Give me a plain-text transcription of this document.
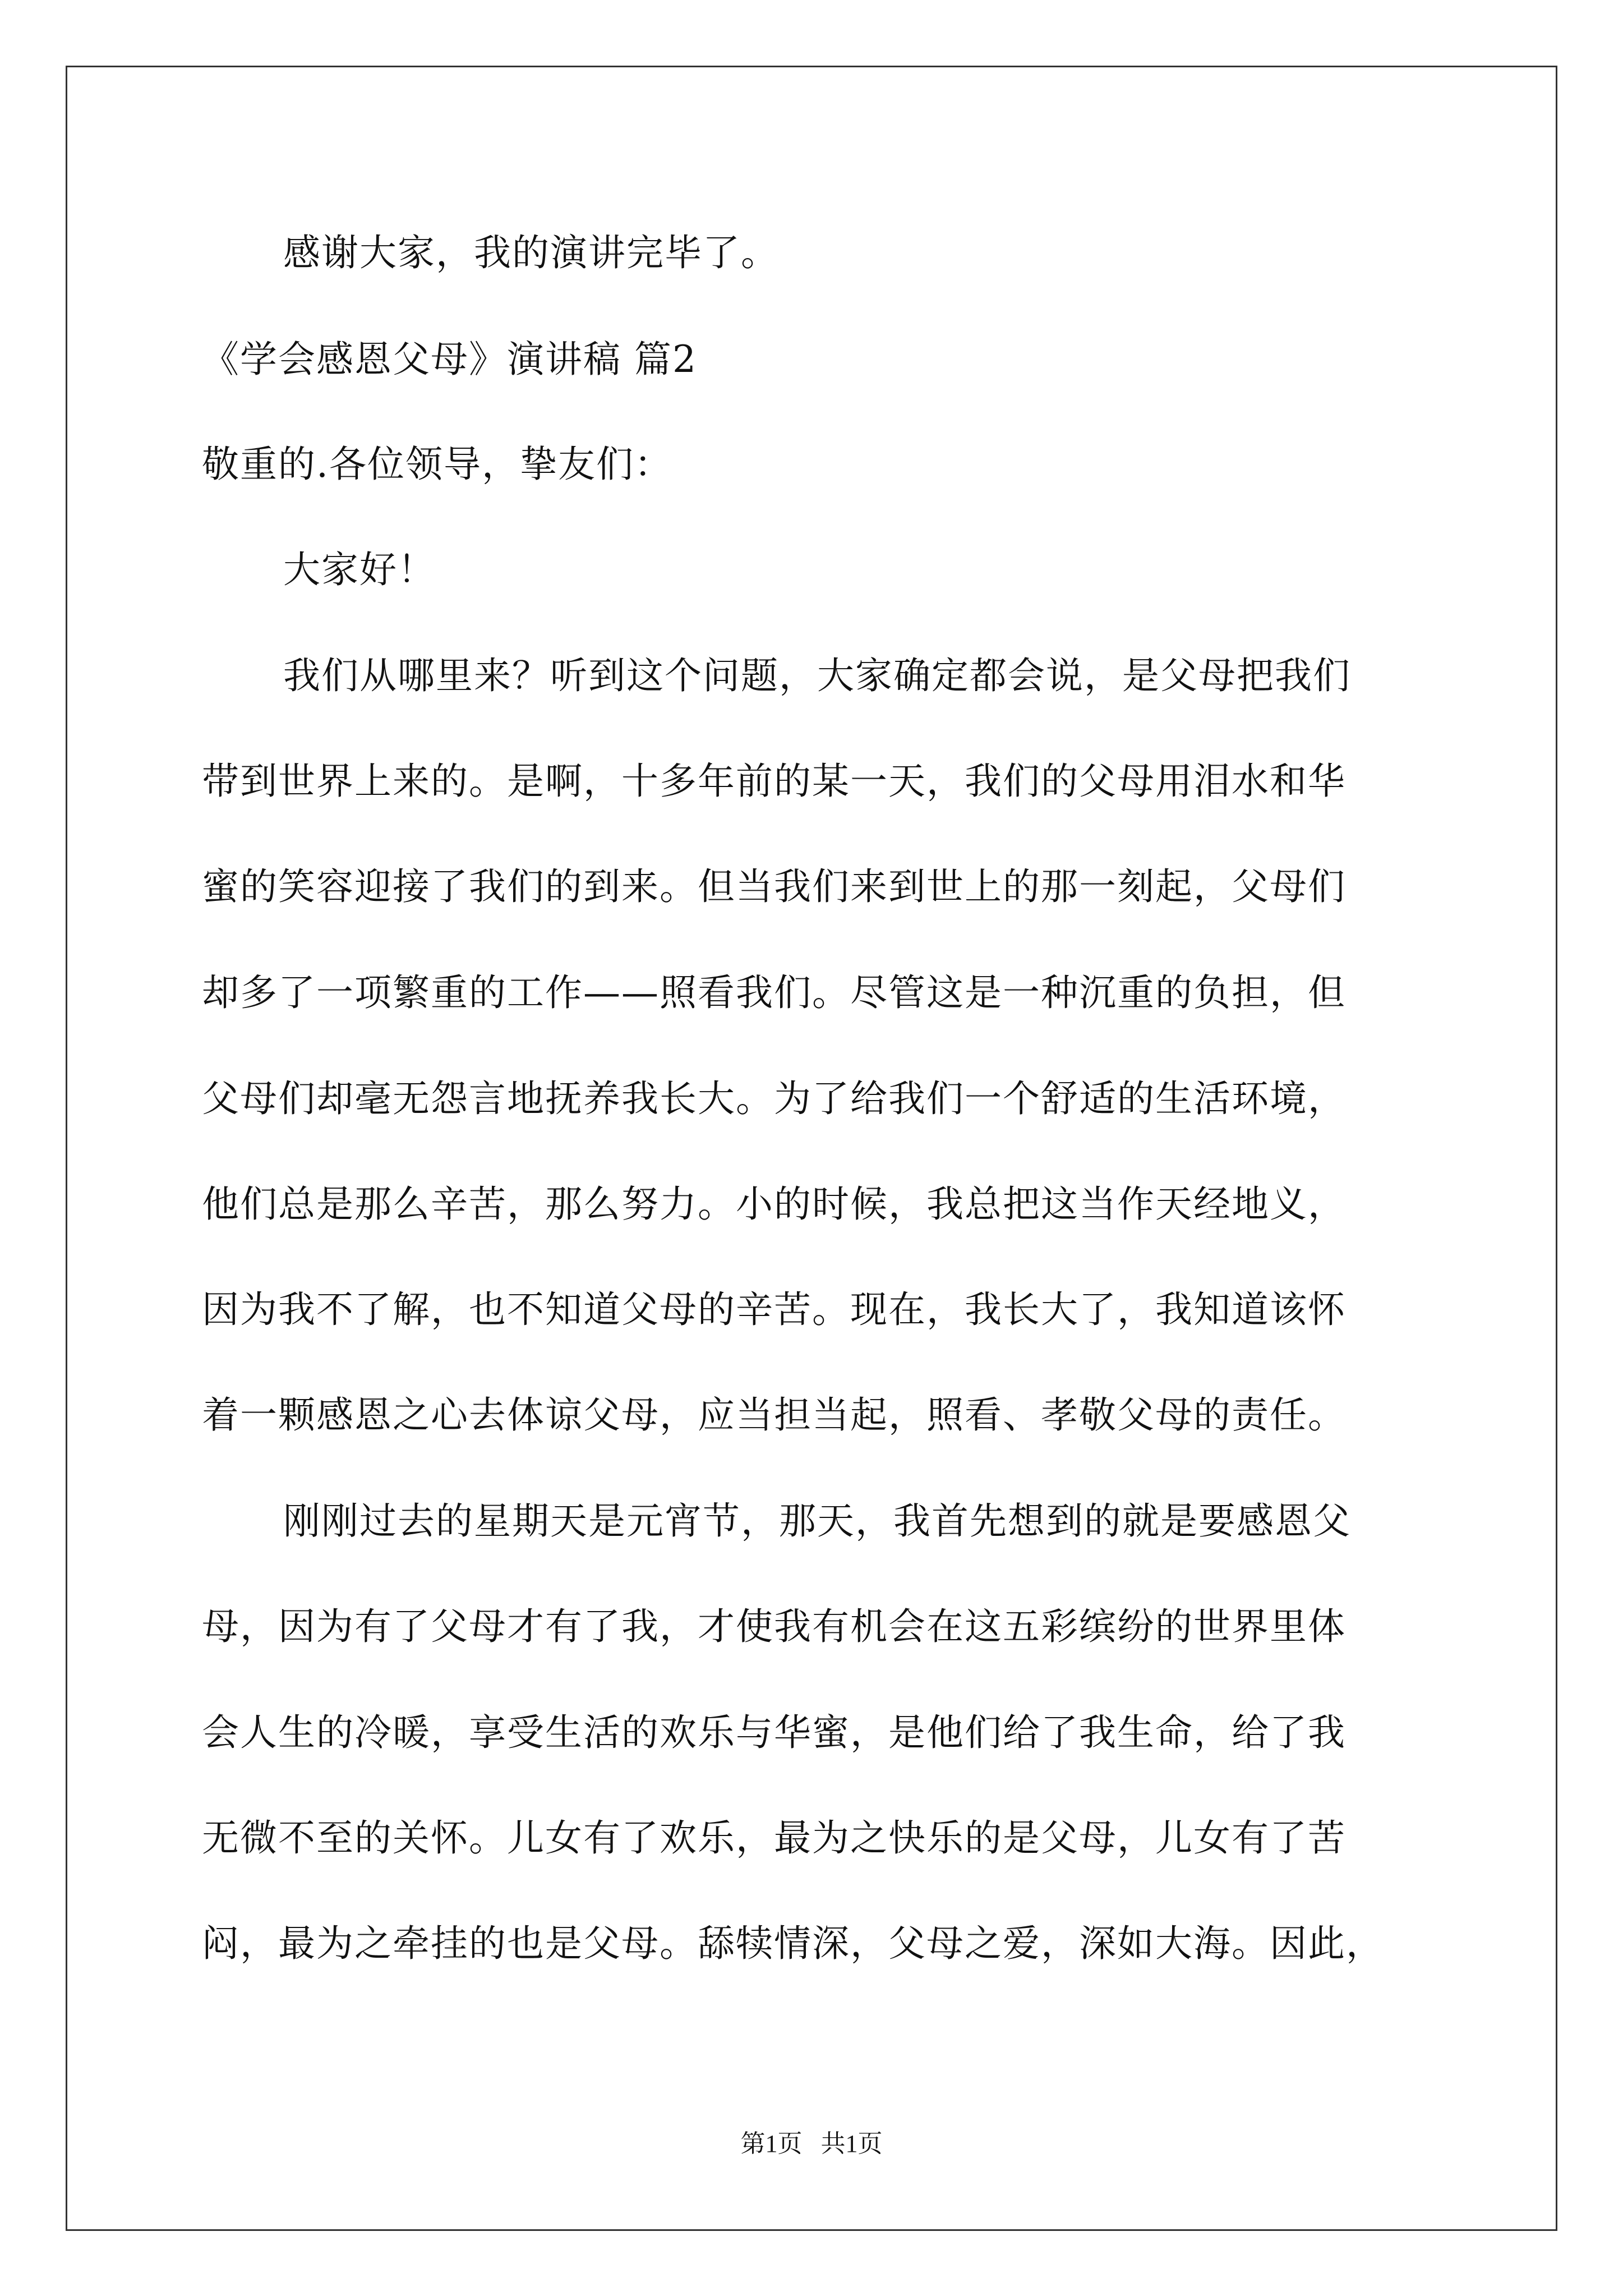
感谢大家，我的演讲完毕了。
《学会感恩父母》演讲稿 篇2
敬重的.各位领导，挚友们：
大家好！
我们从哪里来？听到这个问题，大家确定都会说，是父母把我们
带到世界上来的。是啊，十多年前的某一天，我们的父母用泪水和华
蜜的笑容迎接了我们的到来。但当我们来到世上的那一刻起，父母们
却多了一项繁重的工作——照看我们。尽管这是一种沉重的负担，但
父母们却毫无怨言地抚养我长大。为了给我们一个舒适的生活环境，
他们总是那么辛苦，那么努力。小的时候，我总把这当作天经地义，
因为我不了解，也不知道父母的辛苦。现在，我长大了，我知道该怀
着一颗感恩之心去体谅父母，应当担当起，照看、孝敬父母的责任。
刚刚过去的星期天是元宵节，那天，我首先想到的就是要感恩父
母，因为有了父母才有了我，才使我有机会在这五彩缤纷的世界里体
会人生的冷暖，享受生活的欢乐与华蜜，是他们给了我生命，给了我
无微不至的关怀。儿女有了欢乐，最为之快乐的是父母，儿女有了苦
闷，最为之牵挂的也是父母。舔犊情深，父母之爱，深如大海。因此，
第1页   共1页
